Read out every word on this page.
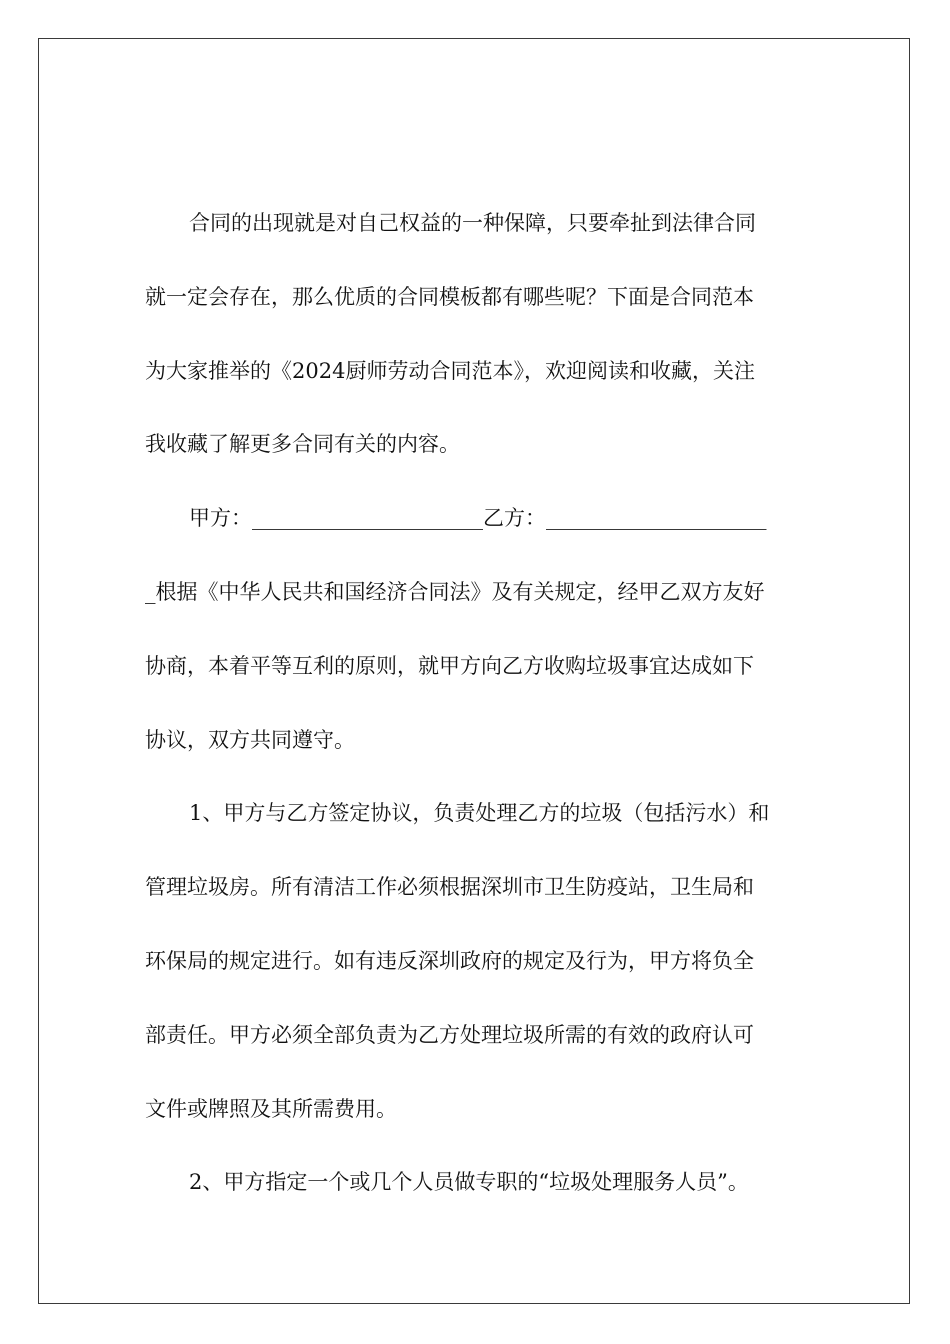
合同的出现就是对自己权益的一种保障，只要牵扯到法律合同
就一定会存在，那么优质的合同模板都有哪些呢？下面是合同范本
为大家推举的《2024厨师劳动合同范本》，欢迎阅读和收藏，关注
我收藏了解更多合同有关的内容。
甲方：______________________乙方：_____________________
_根据《中华人民共和国经济合同法》及有关规定，经甲乙双方友好
协商，本着平等互利的原则，就甲方向乙方收购垃圾事宜达成如下
协议，双方共同遵守。
1、甲方与乙方签定协议，负责处理乙方的垃圾（包括污水）和
管理垃圾房。所有清洁工作必须根据深圳市卫生防疫站，卫生局和
环保局的规定进行。如有违反深圳政府的规定及行为，甲方将负全
部责任。甲方必须全部负责为乙方处理垃圾所需的有效的政府认可
文件或牌照及其所需费用。
2、甲方指定一个或几个人员做专职的“垃圾处理服务人员”。
